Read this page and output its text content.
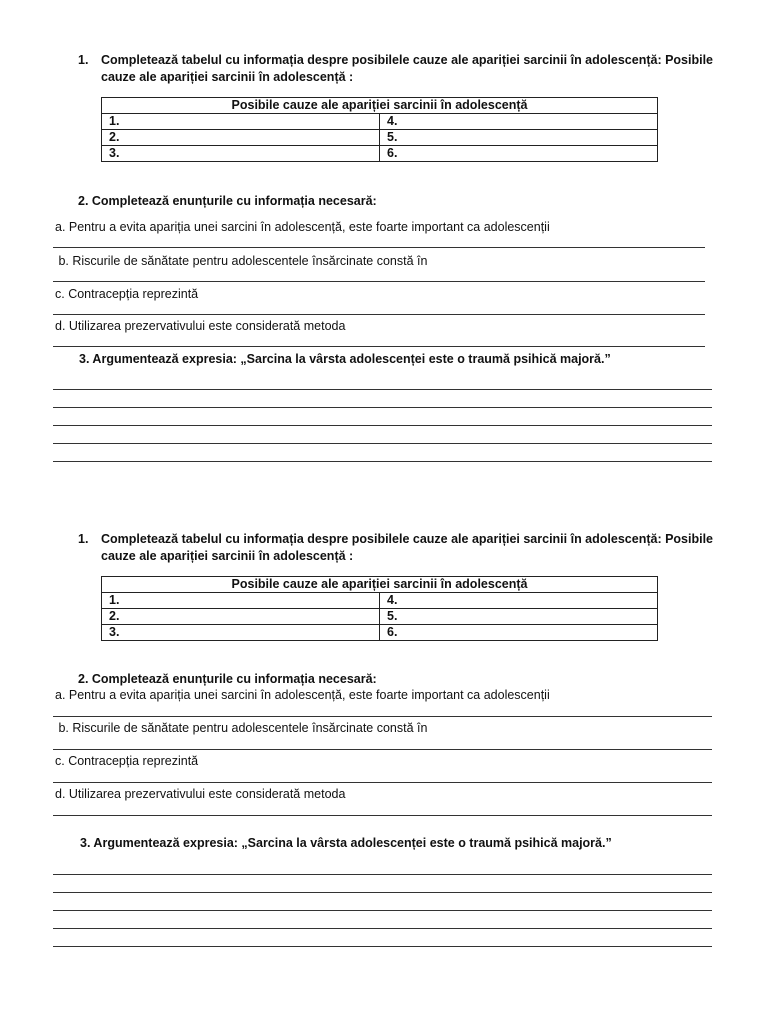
1.	Completează tabelul cu informația despre posibilele cauze ale apariției sarcinii în adolescență: Posibile cauze ale apariției sarcinii în adolescență :
Posibile cauze ale apariției sarcinii în adolescență	
1.	4.
2.	5.
3.	6.
2. Completează enunțurile cu informația necesară:
a. Pentru a evita apariția unei sarcini în adolescență, este foarte important ca adolescenții
b. Riscurile de sănătate pentru adolescentele însărcinate constă în
c. Contracepția reprezintă
d. Utilizarea prezervativului este considerată metoda
3. Argumentează expresia: „Sarcina la vârsta adolescenței este o traumă psihică majoră.”
1.	Completează tabelul cu informația despre posibilele cauze ale apariției sarcinii în adolescență: Posibile cauze ale apariției sarcinii în adolescență :
Posibile cauze ale apariției sarcinii în adolescență	
1.	4.
2.	5.
3.	6.
2. Completează enunțurile cu informația necesară:
a. Pentru a evita apariția unei sarcini în adolescență, este foarte important ca adolescenții
b. Riscurile de sănătate pentru adolescentele însărcinate constă în
c. Contracepția reprezintă
d. Utilizarea prezervativului este considerată metoda
3. Argumentează expresia: „Sarcina la vârsta adolescenței este o traumă psihică majoră.”
